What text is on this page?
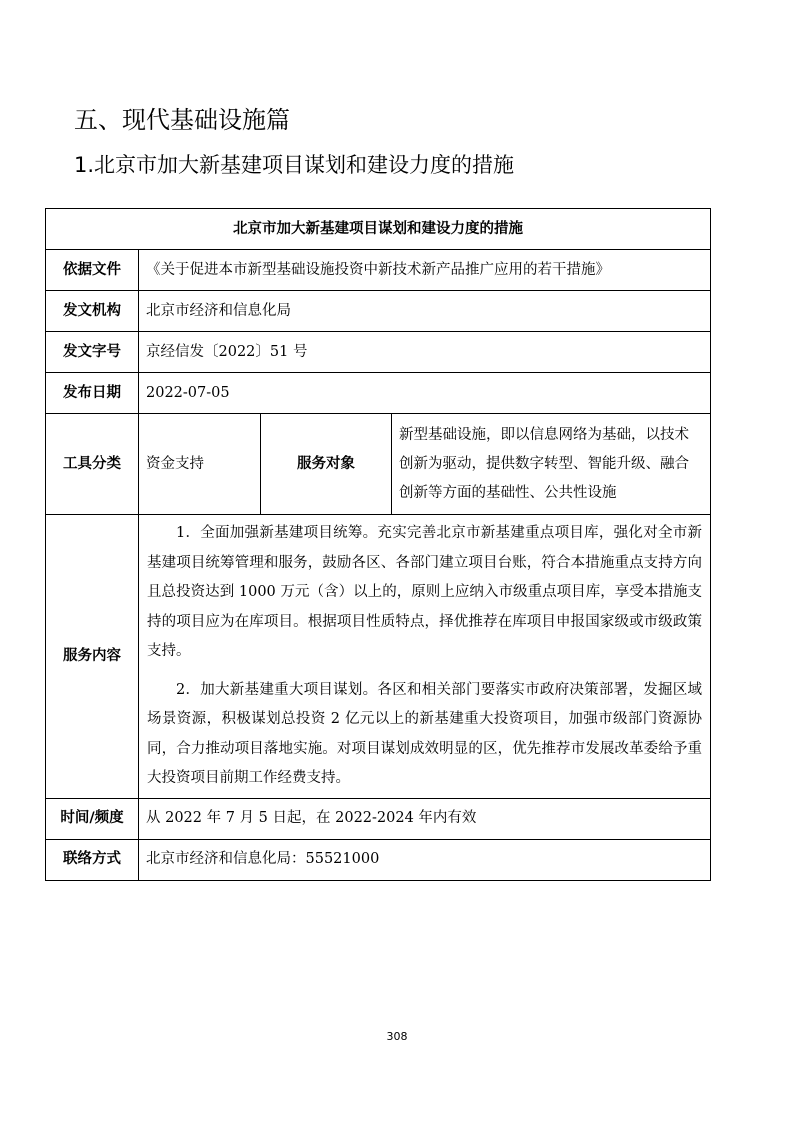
五、现代基础设施篇
1.北京市加大新基建项目谋划和建设力度的措施
北京市加大新基建项目谋划和建设力度的措施			
依据文件	《关于促进本市新型基础设施投资中新技术新产品推广应用的若干措施》		
发文机构	北京市经济和信息化局		
发文字号	京经信发〔2022〕51 号		
发布日期	2022-07-05		
工具分类	资金支持	服务对象	新型基础设施，即以信息网络为基础，以技术创新为驱动，提供数字转型、智能升级、融合创新等方面的基础性、公共性设施
服务内容	1．全面加强新基建项目统筹。充实完善北京市新基建重点项目库，强化对全市新基建项目统筹管理和服务，鼓励各区、各部门建立项目台账，符合本措施重点支持方向且总投资达到 1000 万元（含）以上的，原则上应纳入市级重点项目库，享受本措施支持的项目应为在库项目。根据项目性质特点，择优推荐在库项目申报国家级或市级政策支持。

2．加大新基建重大项目谋划。各区和相关部门要落实市政府决策部署，发掘区域场景资源，积极谋划总投资 2 亿元以上的新基建重大投资项目，加强市级部门资源协同，合力推动项目落地实施。对项目谋划成效明显的区，优先推荐市发展改革委给予重大投资项目前期工作经费支持。		

时间/频度	从 2022 年 7 月 5 日起，在 2022-2024 年内有效		
联络方式	北京市经济和信息化局：55521000		
308
